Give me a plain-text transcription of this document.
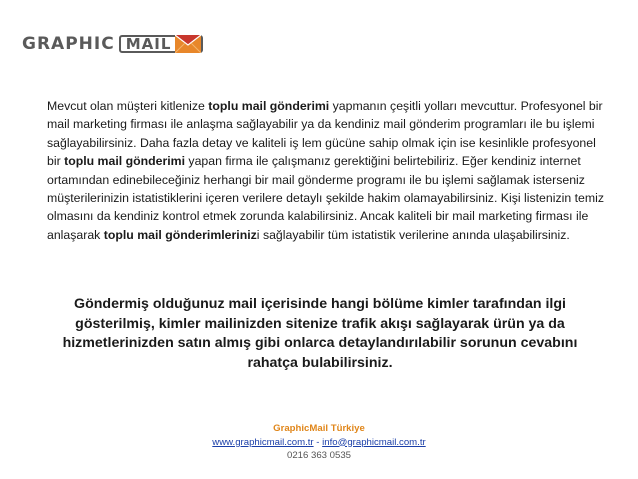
GRAPHIC MAIL

Mevcut olan müşteri kitlenize toplu mail gönderimi yapmanın çeşitli yolları mevcuttur. Profesyonel bir mail marketing firması ile anlaşma sağlayabilir ya da kendiniz mail gönderim programları ile bu işlemi sağlayabilirsiniz. Daha fazla detay ve kaliteli iş lem gücüne sahip olmak için ise kesinlikle profesyonel bir toplu mail gönderimi yapan firma ile çalışmanız gerektiğini belirtebiliriz. Eğer kendiniz internet ortamından edinebileceğiniz herhangi bir mail gönderme programı ile bu işlemi sağlamak isterseniz müşterilerinizin istatistiklerini içeren verilere detaylı şekilde hakim olamayabilirsiniz. Kişi listenizin temiz olmasını da kendiniz kontrol etmek zorunda kalabilirsiniz. Ancak kaliteli bir mail marketing firması ile anlaşarak toplu mail gönderimlerinizi sağlayabilir tüm istatistik verilerine anında ulaşabilirsiniz.

Göndermiş olduğunuz mail içerisinde hangi bölüme kimler tarafından ilgi gösterilmiş, kimler mailinizden sitenize trafik akışı sağlayarak ürün ya da hizmetlerinizden satın almış gibi onlarca detaylandırılabilir sorunun cevabını rahatça bulabilirsiniz.

GraphicMail Türkiye
www.graphicmail.com.tr - info@graphicmail.com.tr
0216 363 0535
